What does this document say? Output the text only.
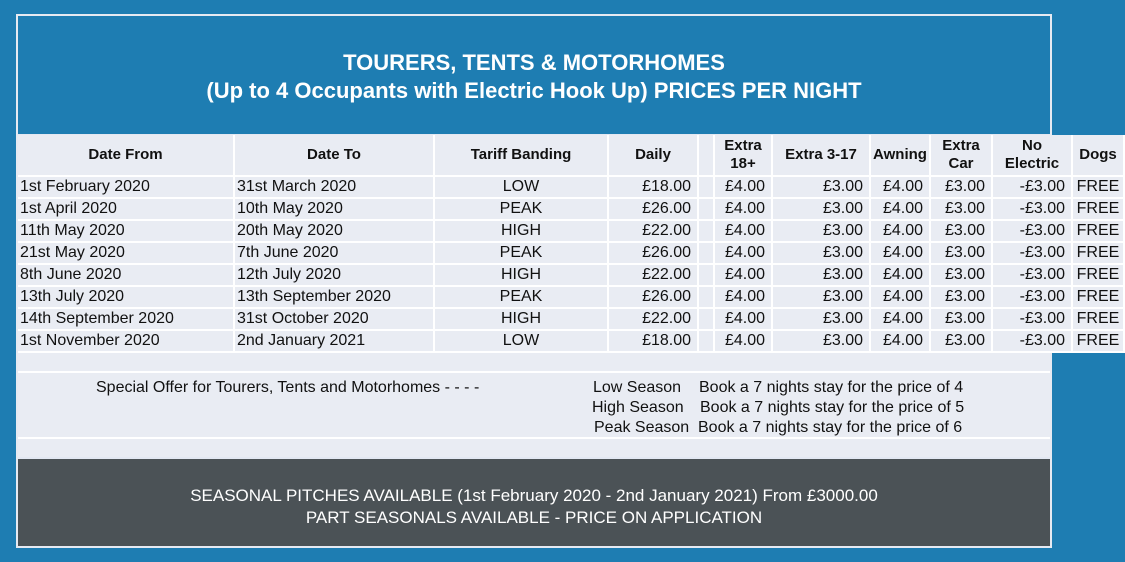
TOURERS, TENTS & MOTORHOMES
(Up to 4 Occupants with Electric Hook Up) PRICES PER NIGHT
Date From	Date To	Tariff Banding	Daily		Extra 18+	Extra 3-17	Awning	Extra Car	No Electric	Dogs
1st February 2020	31st March 2020	LOW	£18.00		£4.00	£3.00	£4.00	£3.00	-£3.00	FREE
1st April 2020	10th May 2020	PEAK	£26.00		£4.00	£3.00	£4.00	£3.00	-£3.00	FREE
11th May 2020	20th May 2020	HIGH	£22.00		£4.00	£3.00	£4.00	£3.00	-£3.00	FREE
21st May 2020	7th June 2020	PEAK	£26.00		£4.00	£3.00	£4.00	£3.00	-£3.00	FREE
8th June 2020	12th July 2020	HIGH	£22.00		£4.00	£3.00	£4.00	£3.00	-£3.00	FREE
13th July 2020	13th September 2020	PEAK	£26.00		£4.00	£3.00	£4.00	£3.00	-£3.00	FREE
14th September 2020	31st October 2020	HIGH	£22.00		£4.00	£3.00	£4.00	£3.00	-£3.00	FREE
1st November 2020	2nd January 2021	LOW	£18.00		£4.00	£3.00	£4.00	£3.00	-£3.00	FREE
Special Offer for Tourers, Tents and Motorhomes - - - -	Low Season Book a 7 nights stay for the price of 4
High Season Book a 7 nights stay for the price of 5
Peak Season Book a 7 nights stay for the price of 6
SEASONAL PITCHES AVAILABLE (1st February 2020 - 2nd January 2021) From £3000.00
PART SEASONALS AVAILABLE - PRICE ON APPLICATION
